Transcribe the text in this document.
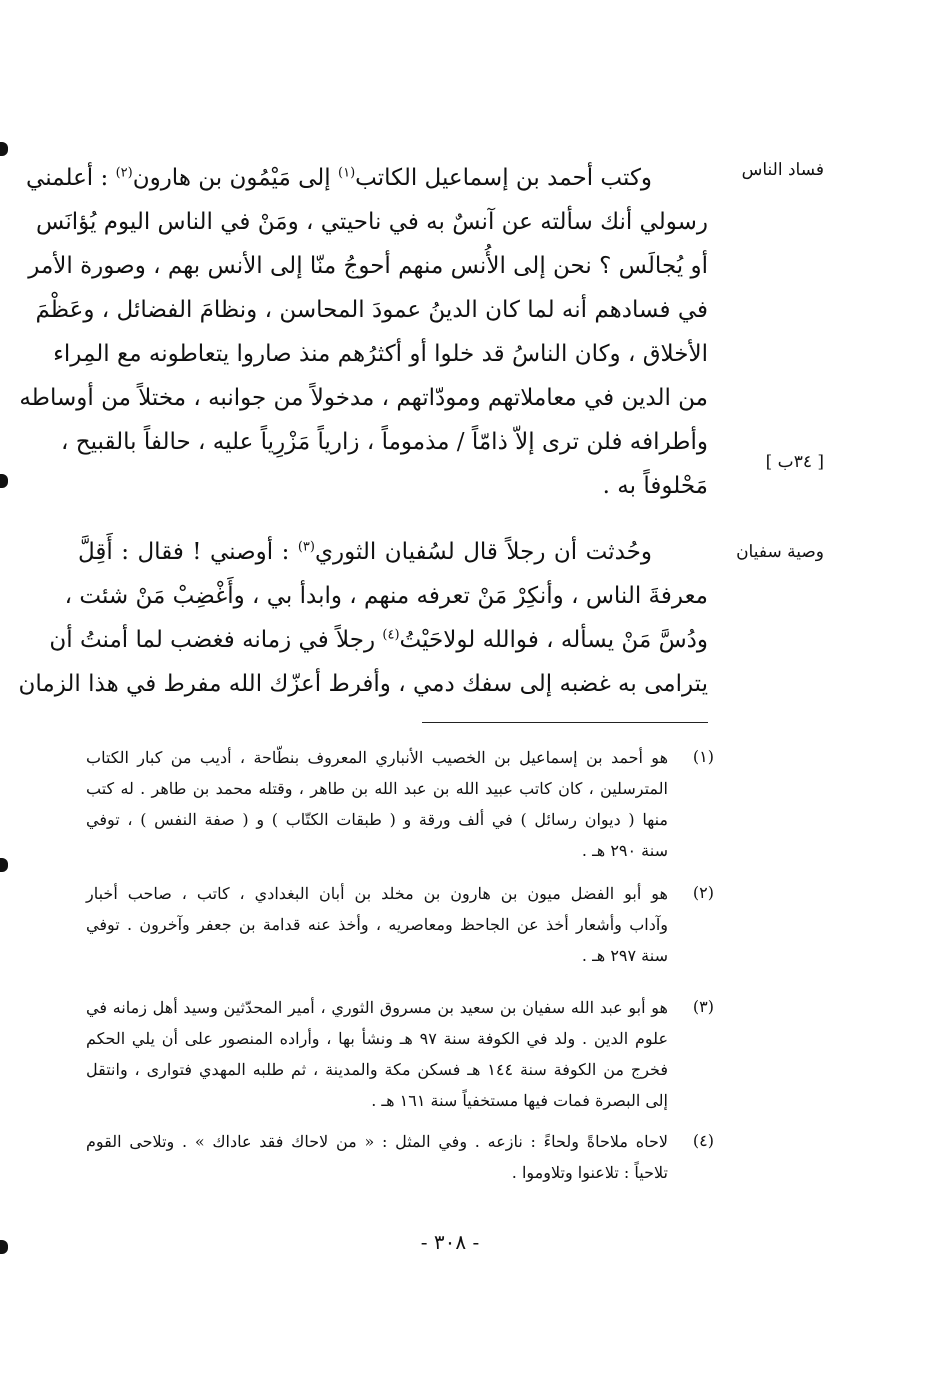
فساد الناس
[ ٣٤ب ]
وصية سفيان
وكتب أحمد بن إسماعيل الكاتب$^{(١)}$ إلى مَيْمُون بن هارون$^{(٢)}$ : أعلمني
رسولي أنك سألته عن آنسٌ به في ناحيتي ، ومَنْ في الناس اليوم يُؤانَس
أو يُجالَس ؟ نحن إلى الأُنس منهم أحوجُ منّا إلى الأنس بهم ، وصورة الأمر
في فسادهم أنه لما كان الدينُ عمودَ المحاسن ، ونظامَ الفضائل ، وعَظْمَ
الأخلاق ، وكان الناسُ قد خلوا أو أكثرُهم منذ صاروا يتعاطونه مع المِراء
من الدين في معاملاتهم ومودّاتهم ، مدخولاً من جوانبه ، مختلاً من أوساطه
وأطرافه فلن ترى إلاّ ذامّاً / مذموماً ، زارياً مَزْرِياً عليه ، حالفاً بالقبيح ،
مَحْلوفاً به .
وحُدثت أن رجلاً قال لسُفيان الثوري$^{(٣)}$ : أوصني ! فقال : أَقِلَّ
معرفةَ الناس ، وأنكِرْ مَنْ تعرفه منهم ، وابدأ بي ، وأَغْضِبْ مَنْ شئت ،
ودُسَّ مَنْ يسأله ، فوالله لولاحَيْتُ$^{(٤)}$ رجلاً في زمانه فغضب لما أمنتُ أن
يترامى به غضبه إلى سفك دمي ، وأفرط أعزّك الله مفرط في هذا الزمان
(١)
هو أحمد بن إسماعيل بن الخصيب الأنباري المعروف بنطّاحة ، أديب من كبار الكتاب
المترسلين ، كان كاتب عبيد الله بن عبد الله بن طاهر ، وقتله محمد بن طاهر . له كتب
منها ( ديوان رسائل ) في ألف ورقة و ( طبقات الكتّاب ) و ( صفة النفس ) ، توفي
سنة ٢٩٠ هـ .
(٢)
هو أبو الفضل ميون بن هارون بن مخلد بن أبان البغدادي ، كاتب ، صاحب أخبار
وآداب وأشعار أخذ عن الجاحظ ومعاصريه ، وأخذ عنه قدامة بن جعفر وآخرون . توفي
سنة ٢٩٧ هـ .
(٣)
هو أبو عبد الله سفيان بن سعيد بن مسروق الثوري ، أمير المحدّثين وسيد أهل زمانه في
علوم الدين . ولد في الكوفة سنة ٩٧ هـ ونشأ بها ، وأراده المنصور على أن يلي الحكم
فخرج من الكوفة سنة ١٤٤ هـ فسكن مكة والمدينة ، ثم طلبه المهدي فتوارى ، وانتقل
إلى البصرة فمات فيها مستخفياً سنة ١٦١ هـ .
(٤)
لاحاه ملاحاةً ولحاءً : نازعه . وفي المثل : « من لاحاك فقد عاداك » . وتلاحى القوم
تلاحياً : تلاعنوا وتلاوموا .
- ٣٠٨ -
